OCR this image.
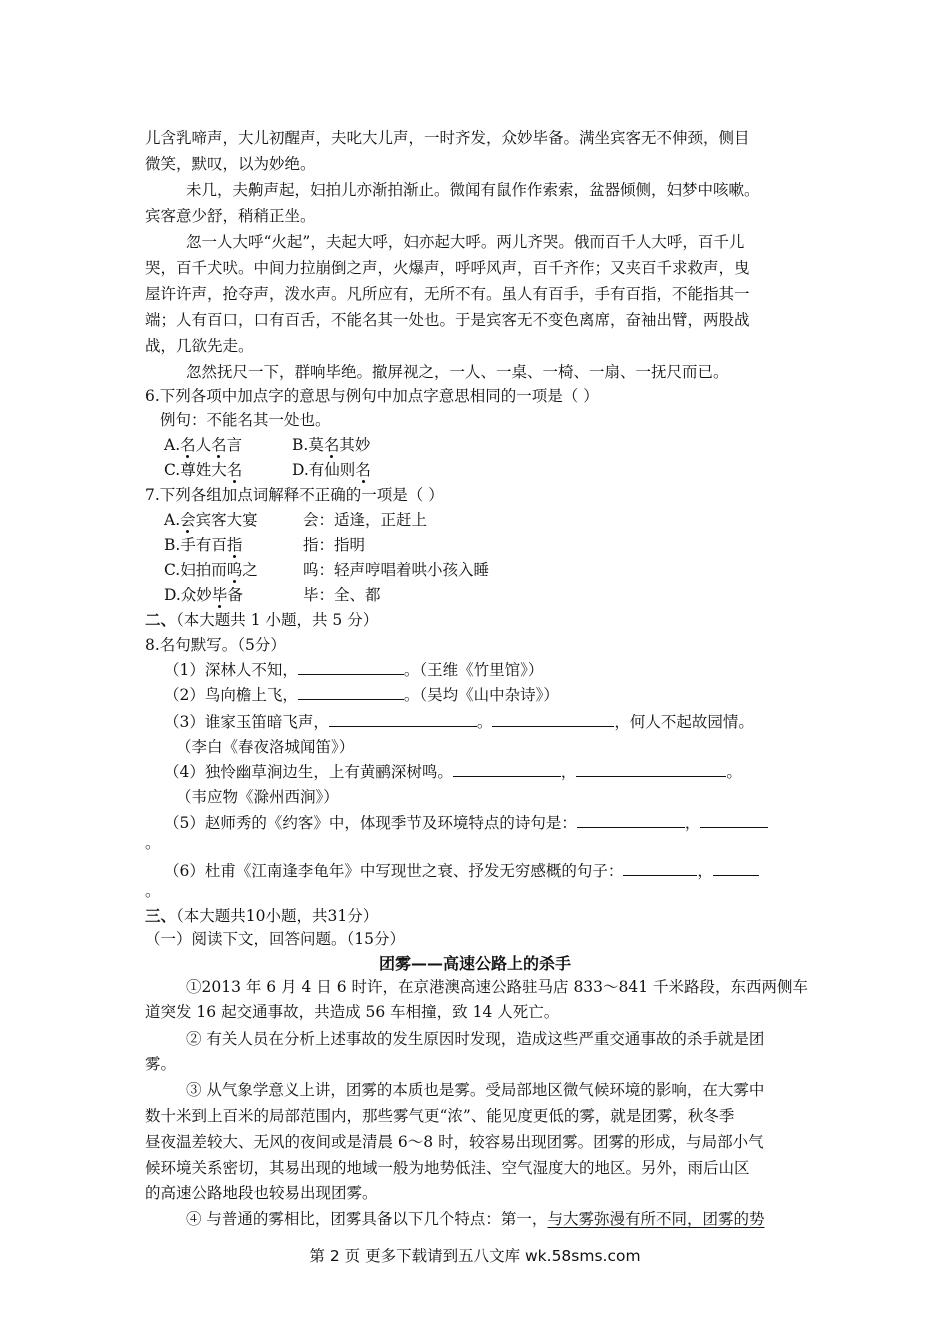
儿含乳啼声，大儿初醒声，夫叱大儿声，一时齐发，众妙毕备。满坐宾客无不伸颈，侧目
微笑，默叹，以为妙绝。
未几，夫齁声起，妇拍儿亦渐拍渐止。微闻有鼠作作索索，盆器倾侧，妇梦中咳嗽。
宾客意少舒，稍稍正坐。
忽一人大呼“火起”，夫起大呼，妇亦起大呼。两儿齐哭。俄而百千人大呼，百千儿
哭，百千犬吠。中间力拉崩倒之声，火爆声，呼呼风声，百千齐作；又夹百千求救声，曳
屋许许声，抢夺声，泼水声。凡所应有，无所不有。虽人有百手，手有百指，不能指其一
端；人有百口，口有百舌，不能名其一处也。于是宾客无不变色离席，奋袖出臂，两股战
战，几欲先走。
忽然抚尺一下，群响毕绝。撤屏视之，一人、一桌、一椅、一扇、一抚尺而已。
6.下列各项中加点字的意思与例句中加点字意思相同的一项是（ ）
例句：不能名其一处也。
A.名人名言	B.莫名其妙
C.尊姓大名	D.有仙则名
7.下列各组加点词解释不正确的一项是（ ）
A.会宾客大宴	会：适逢，正赶上
B.手有百指	指：指明
C.妇拍而呜之	呜：轻声哼唱着哄小孩入睡
D.众妙毕备	毕：全、都
二、（本大题共 1 小题，共 5 分）
8.名句默写。（5分）
（1）深林人不知，	。（王维《竹里馆》）
（2）鸟向檐上飞，	。（吴均《山中杂诗》）
（3）谁家玉笛暗飞声，	。	，何人不起故园情。
（李白《春夜洛城闻笛》）
（4）独怜幽草涧边生，上有黄鹂深树鸣。	，	。
（韦应物《滁州西涧》）
（5）赵师秀的《约客》中，体现季节及环境特点的诗句是：	，
。
（6）杜甫《江南逢李龟年》中写现世之衰、抒发无穷感概的句子：	，
。
三、（本大题共10小题，共31分）
（一）阅读下文，回答问题。（15分）
团雾——高速公路上的杀手
①2013 年 6 月 4 日 6 时许，在京港澳高速公路驻马店 833～841 千米路段，东西两侧车
道突发 16 起交通事故，共造成 56 车相撞，致 14 人死亡。
② 有关人员在分析上述事故的发生原因时发现，造成这些严重交通事故的杀手就是团
雾。
③ 从气象学意义上讲，团雾的本质也是雾。受局部地区微气候环境的影响，在大雾中
数十米到上百米的局部范围内，那些雾气更“浓”、能见度更低的雾，就是团雾，秋冬季
昼夜温差较大、无风的夜间或是清晨 6～8 时，较容易出现团雾。团雾的形成，与局部小气
候环境关系密切，其易出现的地域一般为地势低洼、空气湿度大的地区。另外，雨后山区
的高速公路地段也较易出现团雾。
④ 与普通的雾相比，团雾具备以下几个特点：第一，与大雾弥漫有所不同，团雾的势
第 2 页 更多下载请到五八文库 wk.58sms.com
